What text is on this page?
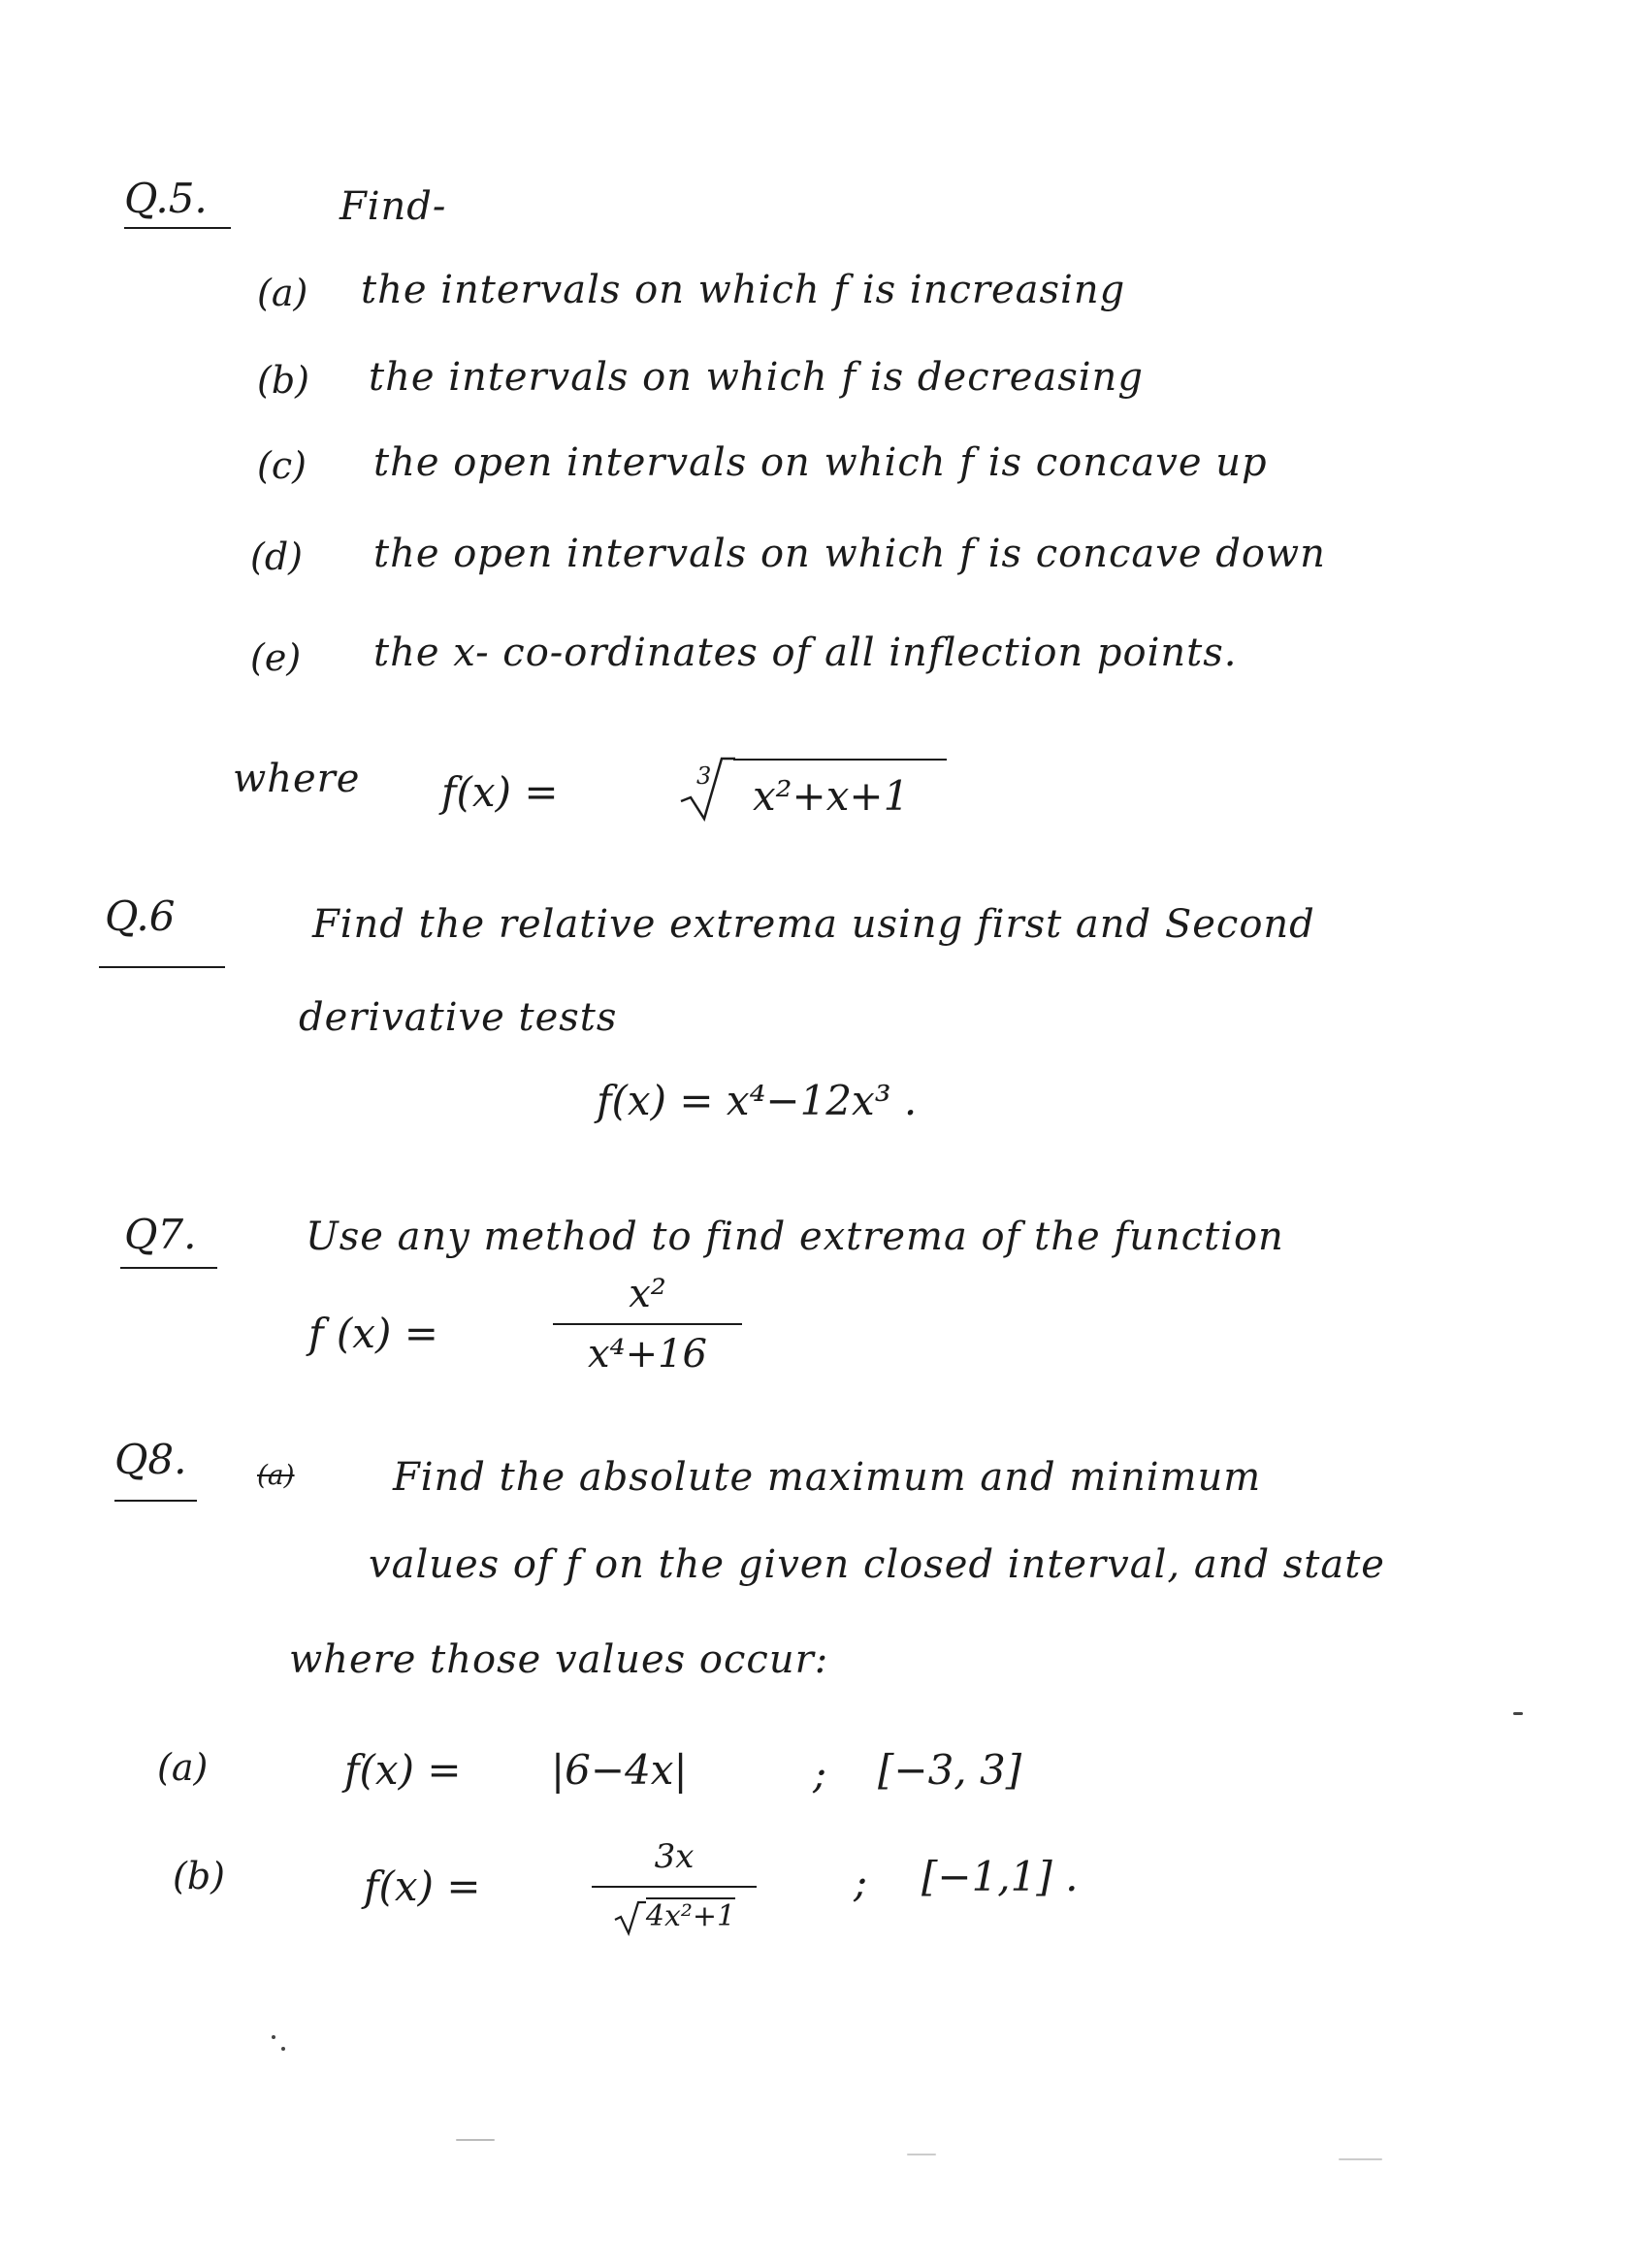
Q.5.	Find-
(a) the intervals on which f is increasing
(b) the intervals on which f is decreasing
(c) the open intervals on which f is concave up
(d) the open intervals on which f is concave down
(e) the x- co-ordinates of all inflection points.
where f(x) =	3 x²+x+1
Q.6	Find the relative extrema using first and Second
derivative tests
f(x) = x⁴−12x³ .
Q7.	Use any method to find extrema of the function
f (x) =
x²
x⁴+16
Q8.	(a)	Find the absolute maximum and minimum
values of f on the given closed interval, and state
where those values occur:
(a)	f(x) = |6−4x|	; [−3, 3]
(b)	f(x) =
3x
4x²+1
; [−1,1] .
